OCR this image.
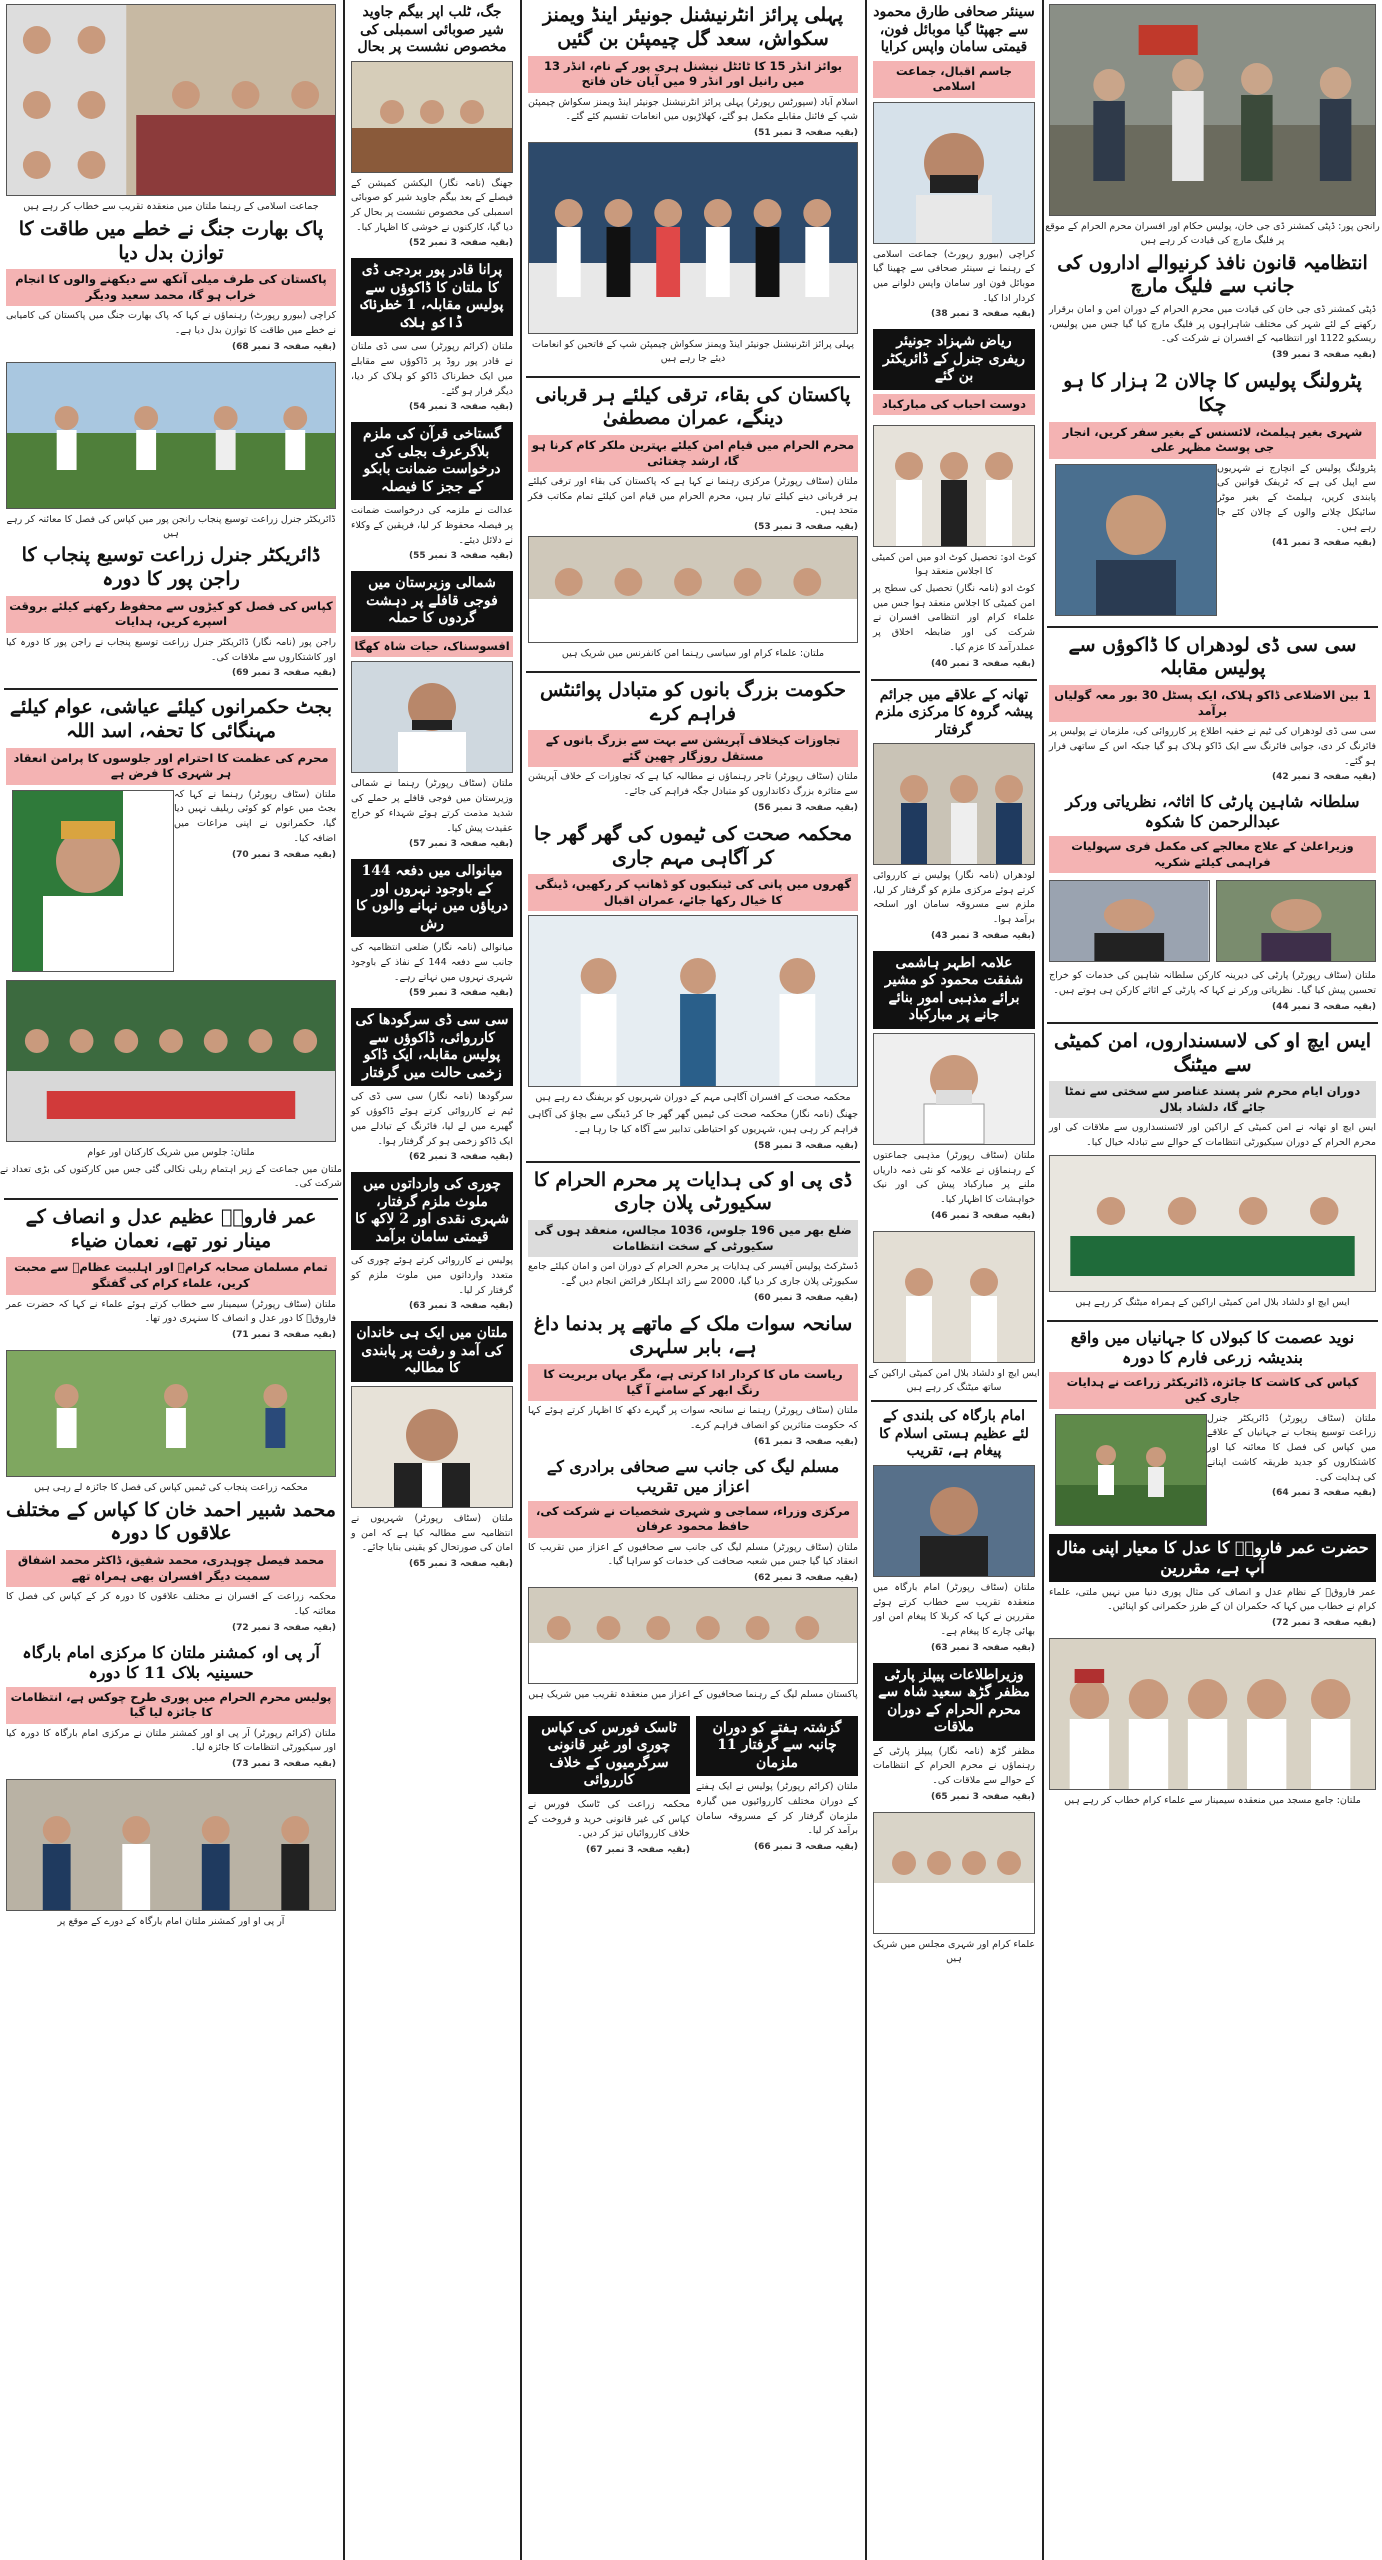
رانجن پور: ڈپٹی کمشنر ڈی جی خان، پولیس حکام اور افسران محرم الحرام کے موقع پر فلیگ مارچ کی قیادت کر رہے ہیں
انتظامیہ قانون نافذ کرنیوالے اداروں کی جانب سے فلیگ مارچ
ڈپٹی کمشنر ڈی جی خان کی قیادت میں محرم الحرام کے دوران امن و امان برقرار رکھنے کے لئے شہر کی مختلف شاہراہوں پر فلیگ مارچ کیا گیا جس میں پولیس، ریسکیو 1122 اور انتظامیہ کے افسران نے شرکت کی۔
(بقیہ صفحہ 3 نمبر 39)
پٹرولنگ پولیس کا چالان 2 ہزار کا ہو چکا
شہری بغیر ہیلمٹ، لائسنس کے بغیر سفر کریں، انجار جی پوسٹ مظہر علی
پٹرولنگ پولیس کے انچارج نے شہریوں سے اپیل کی ہے کہ ٹریفک قوانین کی پابندی کریں، ہیلمٹ کے بغیر موٹر سائیکل چلانے والوں کے چالان کئے جا رہے ہیں۔
(بقیہ صفحہ 3 نمبر 41)
سی سی ڈی لودھراں کا ڈاکوؤں سے پولیس مقابلہ
1 بین الاضلاعی ڈاکو ہلاک، ایک پسٹل 30 بور معہ گولیاں برآمد
سی سی ڈی لودھراں کی ٹیم نے خفیہ اطلاع پر کارروائی کی، ملزمان نے پولیس پر فائرنگ کر دی، جوابی فائرنگ سے ایک ڈاکو ہلاک ہو گیا جبکہ اس کے ساتھی فرار ہو گئے۔
(بقیہ صفحہ 3 نمبر 42)
سلطانہ شاہین پارٹی کا اثاثہ، نظریاتی ورکر عبدالرحمن کا شکوہ
وزیراعلیٰ کے علاج معالجے کی مکمل فری سہولیات فراہمی کیلئے شکریہ
ملتان (سٹاف رپورٹر) پارٹی کی دیرینہ کارکن سلطانہ شاہین کی خدمات کو خراج تحسین پیش کیا گیا۔ نظریاتی ورکر نے کہا کہ پارٹی کے اثاثے کارکن ہی ہوتے ہیں۔
(بقیہ صفحہ 3 نمبر 44)
ایس ایچ او کی لاسسنداروں، امن کمیٹی سے میٹنگ
دوران ایام محرم شر پسند عناصر سے سختی سے نمٹا جائے گا، دلشاد بلال
ایس ایچ او تھانہ نے امن کمیٹی کے اراکین اور لائسنسداروں سے ملاقات کی اور محرم الحرام کے دوران سیکیورٹی انتظامات کے حوالے سے تبادلہ خیال کیا۔
ایس ایچ او دلشاد بلال امن کمیٹی اراکین کے ہمراہ میٹنگ کر رہے ہیں
نوید عصمت کا کبولاں کا جہانیاں میں واقع بندیشہ زرعی فارم کا دورہ
کپاس کی کاشت کا جائزہ، ڈائریکٹر زراعت نے ہدایات جاری کیں
ملتان (سٹاف رپورٹر) ڈائریکٹر جنرل زراعت توسیع پنجاب نے جہانیاں کے علاقے میں کپاس کی فصل کا معائنہ کیا اور کاشتکاروں کو جدید طریقہ کاشت اپنانے کی ہدایت کی۔
(بقیہ صفحہ 3 نمبر 64)
حضرت عمر فاروقؓ کا عدل کا معیار اپنی مثال آپ ہے، مقررین
عمر فاروقؓ کے نظام عدل و انصاف کی مثال پوری دنیا میں نہیں ملتی، علماء کرام نے خطاب میں کہا کہ حکمران ان کے طرز حکمرانی کو اپنائیں۔
(بقیہ صفحہ 3 نمبر 72)
ملتان: جامع مسجد میں منعقدہ سیمینار سے علماء کرام خطاب کر رہے ہیں
سینئر صحافی طارق محمود سے جھپٹا گیا موبائل فون، قیمتی سامان واپس کرایا
جاسم اقبال، جماعت اسلامی
کراچی (بیورو رپورٹ) جماعت اسلامی کے رہنما نے سینئر صحافی سے چھینا گیا موبائل فون اور سامان واپس دلوانے میں کردار ادا کیا۔
(بقیہ صفحہ 3 نمبر 38)
ریاض شہزاد جونیئر ریفری جنرل کے ڈائریکٹر بن گئے
دوست احباب کی مبارکباد
کوٹ ادو: تحصیل کوٹ ادو میں امن کمیٹی کا اجلاس منعقد ہوا
کوٹ ادو (نامہ نگار) تحصیل کی سطح پر امن کمیٹی کا اجلاس منعقد ہوا جس میں علماء کرام اور انتظامی افسران نے شرکت کی اور ضابطہ اخلاق پر عملدرآمد کا عزم کیا۔
(بقیہ صفحہ 3 نمبر 40)
تھانہ کے علاقے میں جرائم پیشہ گروہ کا مرکزی ملزم گرفتار
لودھراں (نامہ نگار) پولیس نے کارروائی کرتے ہوئے مرکزی ملزم کو گرفتار کر لیا، ملزم سے مسروقہ سامان اور اسلحہ برآمد ہوا۔
(بقیہ صفحہ 3 نمبر 43)
علامہ اطہر ہاشمی شفقت محمود کو مشیر برائے مذہبی امور بنائے جانے پر مبارکباد
ملتان (سٹاف رپورٹر) مذہبی جماعتوں کے رہنماؤں نے علامہ کو نئی ذمہ داریاں ملنے پر مبارکباد پیش کی اور نیک خواہشات کا اظہار کیا۔
(بقیہ صفحہ 3 نمبر 46)
ایس ایچ او دلشاد بلال امن کمیٹی اراکین کے ساتھ میٹنگ کر رہے ہیں
امام بارگاہ کی بلندی کے لئے عظیم ہستی اسلام کا پیغام ہے، تقریب
ملتان (سٹاف رپورٹر) امام بارگاہ میں منعقدہ تقریب سے خطاب کرتے ہوئے مقررین نے کہا کہ کربلا کا پیغام امن اور بھائی چارے کا پیغام ہے۔
(بقیہ صفحہ 3 نمبر 63)
وزیراطلاعات پیپلز پارٹی مظفر گڑھ سعید شاہ سے محرم الحرام کے دوران ملاقات
مظفر گڑھ (نامہ نگار) پیپلز پارٹی کے رہنماؤں نے محرم الحرام کے انتظامات کے حوالے سے ملاقات کی۔
(بقیہ صفحہ 3 نمبر 65)
علماء کرام اور شہری مجلس میں شریک ہیں
پہلی پرائز انٹرنیشنل جونیئر اینڈ ویمنز سکواش، سعد گل چیمپئن بن گئیں
بوائز انڈر 15 کا ٹائٹل نیشنل ہری پور کے نام، انڈر 13 میں رانیل اور انڈر 9 میں آیان خان فاتح
اسلام آباد (سپورٹس رپورٹر) پہلی پرائز انٹرنیشنل جونیئر اینڈ ویمنز سکواش چیمپئن شپ کے فائنل مقابلے مکمل ہو گئے، کھلاڑیوں میں انعامات تقسیم کئے گئے۔
(بقیہ صفحہ 3 نمبر 51)
پہلی پرائز انٹرنیشنل جونیئر اینڈ ویمنز سکواش چیمپئن شپ کے فاتحین کو انعامات دیئے جا رہے ہیں
پاکستان کی بقاء، ترقی کیلئے ہر قربانی دینگے، عمران مصطفیٰ
محرم الحرام میں قیام امن کیلئے بہترین ملکر کام کرنا ہو گا، ارشد چغتائی
ملتان (سٹاف رپورٹر) مرکزی رہنما نے کہا ہے کہ پاکستان کی بقاء اور ترقی کیلئے ہر قربانی دینے کیلئے تیار ہیں، محرم الحرام میں قیام امن کیلئے تمام مکاتب فکر متحد ہیں۔
(بقیہ صفحہ 3 نمبر 53)
ملتان: علماء کرام اور سیاسی رہنما امن کانفرنس میں شریک ہیں
حکومت بزرگ بانوں کو متبادل پوائنٹس فراہم کرے
تجاوزات کیخلاف آپریشن سے بہت سے بزرگ بانوں کے مستقل روزگار چھین گئے
ملتان (سٹاف رپورٹر) تاجر رہنماؤں نے مطالبہ کیا ہے کہ تجاوزات کے خلاف آپریشن سے متاثرہ بزرگ دکانداروں کو متبادل جگہ فراہم کی جائے۔
(بقیہ صفحہ 3 نمبر 56)
محکمہ صحت کی ٹیموں کی گھر گھر جا کر آگاہی مہم جاری
گھروں میں پانی کی ٹینکیوں کو ڈھانپ کر رکھیں، ڈینگی کا خیال رکھا جائے، عمران اقبال
محکمہ صحت کے افسران آگاہی مہم کے دوران شہریوں کو بریفنگ دے رہے ہیں
جھنگ (نامہ نگار) محکمہ صحت کی ٹیمیں گھر گھر جا کر ڈینگی سے بچاؤ کی آگاہی فراہم کر رہی ہیں، شہریوں کو احتیاطی تدابیر سے آگاہ کیا جا رہا ہے۔
(بقیہ صفحہ 3 نمبر 58)
ڈی پی او کی ہدایات پر محرم الحرام کا سکیورٹی پلان جاری
ضلع بھر میں 196 جلوس، 1036 مجالس، منعقد ہوں گی سکیورٹی کے سخت انتظامات
ڈسٹرکٹ پولیس آفیسر کی ہدایات پر محرم الحرام کے دوران امن و امان کیلئے جامع سکیورٹی پلان جاری کر دیا گیا، 2000 سے زائد اہلکار فرائض انجام دیں گے۔
(بقیہ صفحہ 3 نمبر 60)
سانحہ سوات ملک کے ماتھے پر بدنما داغ ہے، بابر سلہری
ریاست ماں کا کردار ادا کرتی ہے، مگر یہاں بربریت کا رنگ ابھر کے سامنے آ گیا
ملتان (سٹاف رپورٹر) رہنما نے سانحہ سوات پر گہرے دکھ کا اظہار کرتے ہوئے کہا کہ حکومت متاثرین کو انصاف فراہم کرے۔
(بقیہ صفحہ 3 نمبر 61)
مسلم لیگ کی جانب سے صحافی برادری کے اعزاز میں تقریب
مرکزی وزراء، سماجی و شہری شخصیات نے شرکت کی، حافظ محمود عرفان
ملتان (سٹاف رپورٹر) مسلم لیگ کی جانب سے صحافیوں کے اعزاز میں تقریب کا انعقاد کیا گیا جس میں شعبہ صحافت کی خدمات کو سراہا گیا۔
(بقیہ صفحہ 3 نمبر 62)
پاکستان مسلم لیگ کے رہنما صحافیوں کے اعزاز میں منعقدہ تقریب میں شریک ہیں
گزشتہ ہفتے کو دوران چانبہ سے گرفتار 11 ملزمان
ملتان (کرائم رپورٹر) پولیس نے ایک ہفتے کے دوران مختلف کارروائیوں میں گیارہ ملزمان گرفتار کر کے مسروقہ سامان برآمد کر لیا۔
(بقیہ صفحہ 3 نمبر 66)
ٹاسک فورس کی کپاس چوری اور غیر قانونی سرگرمیوں کے خلاف کارروائی
محکمہ زراعت کی ٹاسک فورس نے کپاس کی غیر قانونی خرید و فروخت کے خلاف کارروائیاں تیز کر دیں۔
(بقیہ صفحہ 3 نمبر 67)
جگ، ٹلب اپر بیگم جاوید شیر صوبائی اسمبلی کی مخصوص نشست پر بحال
جھنگ (نامہ نگار) الیکشن کمیشن کے فیصلے کے بعد بیگم جاوید شیر کو صوبائی اسمبلی کی مخصوص نشست پر بحال کر دیا گیا، کارکنوں نے خوشی کا اظہار کیا۔
(بقیہ صفحہ 3 نمبر 52)
پرانا قادر پور بردجی ڈی کا ملتان کا ڈاکوؤں سے پولیس مقابلہ، 1 خطرناک ڈاکو ہلاک
ملتان (کرائم رپورٹر) سی سی ڈی ملتان نے قادر پور روڈ پر ڈاکوؤں سے مقابلے میں ایک خطرناک ڈاکو کو ہلاک کر دیا، دیگر فرار ہو گئے۔
(بقیہ صفحہ 3 نمبر 54)
گستاخی قرآن کی ملزم بلاگرعرف بجلی کی درخواست ضمانت بابکو کے ججز کا فیصلہ
عدالت نے ملزمہ کی درخواست ضمانت پر فیصلہ محفوظ کر لیا، فریقین کے وکلاء نے دلائل دیئے۔
(بقیہ صفحہ 3 نمبر 55)
شمالی وزیرستان میں فوجی قافلے پر دہشت گردوں کا حملہ
افسوسناک، حیات شاہ کھگا
ملتان (سٹاف رپورٹر) رہنما نے شمالی وزیرستان میں فوجی قافلے پر حملے کی شدید مذمت کرتے ہوئے شہداء کو خراج عقیدت پیش کیا۔
(بقیہ صفحہ 3 نمبر 57)
میانوالی میں دفعہ 144 کے باوجود نہروں اور دریاؤں میں نہانے والوں کا رش
میانوالی (نامہ نگار) ضلعی انتظامیہ کی جانب سے دفعہ 144 کے نفاذ کے باوجود شہری نہروں میں نہاتے رہے۔
(بقیہ صفحہ 3 نمبر 59)
سی سی ڈی سرگودھا کی کارروائی، ڈاکوؤں سے پولیس مقابلہ، ایک ڈاکو زخمی حالت میں گرفتار
سرگودھا (نامہ نگار) سی سی ڈی کی ٹیم نے کارروائی کرتے ہوئے ڈاکوؤں کو گھیرے میں لے لیا، فائرنگ کے تبادلے میں ایک ڈاکو زخمی ہو کر گرفتار ہوا۔
(بقیہ صفحہ 3 نمبر 62)
چوری کی وارداتوں میں ملوث ملزم گرفتار، شہری نقدی اور 2 لاکھ کا قیمتی سامان برآمد
پولیس نے کارروائی کرتے ہوئے چوری کی متعدد وارداتوں میں ملوث ملزم کو گرفتار کر لیا۔
(بقیہ صفحہ 3 نمبر 63)
ملتان میں ایک ہی خاندان کی آمد و رفت پر پابندی کا مطالبہ
ملتان (سٹاف رپورٹر) شہریوں نے انتظامیہ سے مطالبہ کیا ہے کہ امن و امان کی صورتحال کو یقینی بنایا جائے۔
(بقیہ صفحہ 3 نمبر 65)
جماعت اسلامی کے رہنما ملتان میں منعقدہ تقریب سے خطاب کر رہے ہیں
پاک بھارت جنگ نے خطے میں طاقت کا توازن بدل دیا
پاکستان کی طرف میلی آنکھ سے دیکھنے والوں کا انجام خراب ہو گا، محمد سعید ودیگر
کراچی (بیورو رپورٹ) رہنماؤں نے کہا کہ پاک بھارت جنگ میں پاکستان کی کامیابی نے خطے میں طاقت کا توازن بدل دیا ہے۔
(بقیہ صفحہ 3 نمبر 68)
ڈائریکٹر جنرل زراعت توسیع پنجاب رانجن پور میں کپاس کی فصل کا معائنہ کر رہے ہیں
ڈائریکٹر جنرل زراعت توسیع پنجاب کا راجن پور کا دورہ
کپاس کی فصل کو کیڑوں سے محفوظ رکھنے کیلئے بروقت اسپرے کریں، ہدایات
راجن پور (نامہ نگار) ڈائریکٹر جنرل زراعت توسیع پنجاب نے راجن پور کا دورہ کیا اور کاشتکاروں سے ملاقات کی۔
(بقیہ صفحہ 3 نمبر 69)
بجٹ حکمرانوں کیلئے عیاشی، عوام کیلئے مہنگائی کا تحفہ، اسد اللہ
محرم کی عظمت کا احترام اور جلوسوں کا پرامن انعقاد ہر شہری کا فرض ہے
ملتان (سٹاف رپورٹر) رہنما نے کہا کہ بجٹ میں عوام کو کوئی ریلیف نہیں دیا گیا، حکمرانوں نے اپنی مراعات میں اضافہ کیا۔
(بقیہ صفحہ 3 نمبر 70)
ملتان: جلوس میں شریک کارکنان اور عوام
ملتان میں جماعت کے زیر اہتمام ریلی نکالی گئی جس میں کارکنوں کی بڑی تعداد نے شرکت کی۔
عمر فاروقؓ عظیم عدل و انصاف کے مینار نور تھے، نعمان ضیاء
تمام مسلمان صحابہ کرامؓ اور اہلبیت عظامؓ سے محبت کریں، علماء کرام کی گفتگو
ملتان (سٹاف رپورٹر) سیمینار سے خطاب کرتے ہوئے علماء نے کہا کہ حضرت عمر فاروقؓ کا دور عدل و انصاف کا سنہری دور تھا۔
(بقیہ صفحہ 3 نمبر 71)
محکمہ زراعت پنجاب کی ٹیمیں کپاس کی فصل کا جائزہ لے رہی ہیں
محمد شبیر احمد خان کا کپاس کے مختلف علاقوں کا دورہ
محمد فیصل چوہدری، محمد شفیق، ڈاکٹر محمد اشفاق سمیت دیگر افسران بھی ہمراہ تھے
محکمہ زراعت کے افسران نے مختلف علاقوں کا دورہ کر کے کپاس کی فصل کا معائنہ کیا۔
(بقیہ صفحہ 3 نمبر 72)
آر پی او، کمشنر ملتان کا مرکزی امام بارگاہ حسینیہ بلاک 11 کا دورہ
پولیس محرم الحرام میں پوری طرح چوکس ہے، انتظامات کا جائزہ لیا گیا
ملتان (کرائم رپورٹر) آر پی او اور کمشنر ملتان نے مرکزی امام بارگاہ کا دورہ کیا اور سیکیورٹی انتظامات کا جائزہ لیا۔
(بقیہ صفحہ 3 نمبر 73)
آر پی او اور کمشنر ملتان امام بارگاہ کے دورے کے موقع پر
